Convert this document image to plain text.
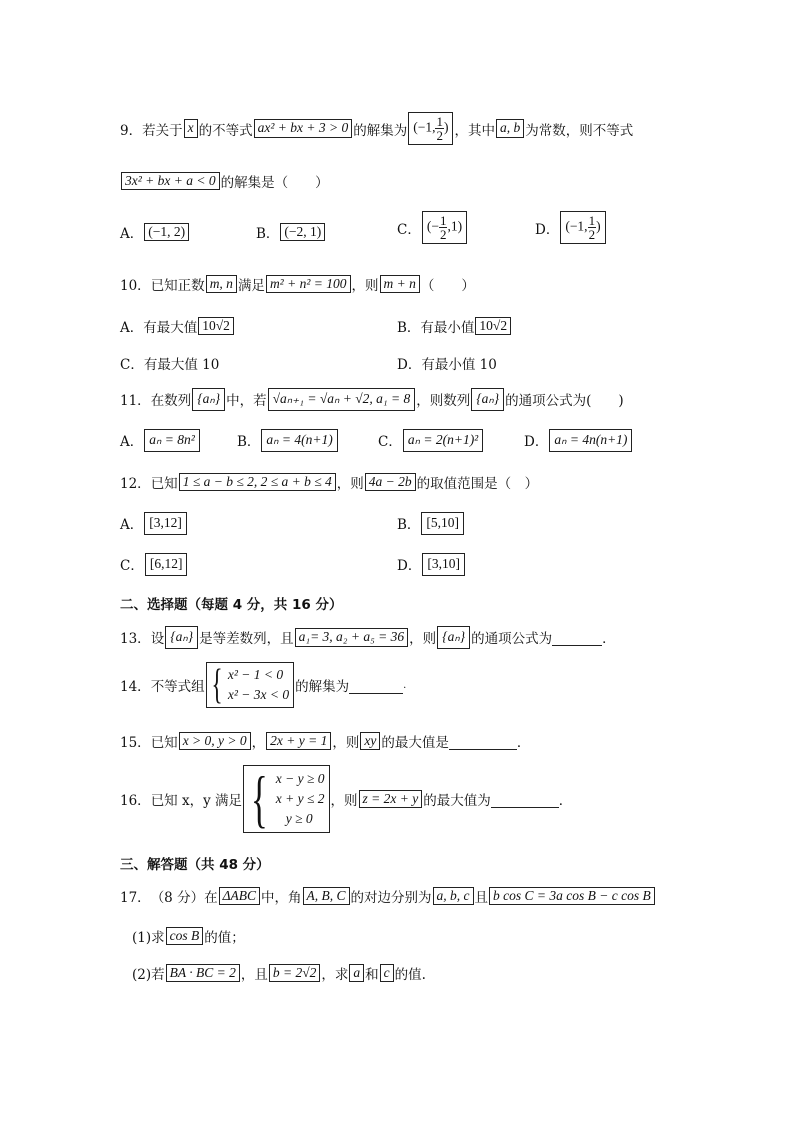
9． 若关于 x 的不等式 ax² + bx + 3 > 0 的解集为 (−1, $\frac{1}{2}$ ) ，其中 a, b 为常数，则不等式
3x² + bx + a < 0 的解集是（　　）
A． (−1, 2)	B． (−2, 1)	C． (− $\frac{1}{2} ,1$)	D． (−1, $\frac{1}{2}$ )
10． 已知正数 m, n 满足 m² + n² = 100 ，则 m + n （　　）
A．有最大值 10√2	B．有最小值 10√2
C．有最大值 10	D．有最小值 10
11． 在数列 {aₙ} 中，若 √aₙ₊₁ = √aₙ + √2, a₁ = 8 ，则数列 {aₙ} 的通项公式为(　　)
A． aₙ = 8n²	B． aₙ = 4(n+1)	C． aₙ = 2(n+1)²	D． aₙ = 4n(n+1)
12． 已知 1 ≤ a − b ≤ 2, 2 ≤ a + b ≤ 4 ，则 4a − 2b 的取值范围是（　）
A． [3,12]	B． [5,10]
C． [6,12]	D． [3,10]
二、选择题（每题 4 分，共 16 分）
13． 设 {aₙ} 是等差数列，且 a₁= 3, a₂ + a₅ = 36 ，则 {aₙ} 的通项公式为
	．
14． 不等式组 { x² − 1 < 0
x² − 3x < 0 的解集为
	.
15． 已知 x > 0, y > 0 ， 2x + y = 1 ，则 xy 的最大值是
	．
16． 已知 x，y 满足 { x − y ≥ 0
x + y ≤ 2
y ≥ 0
，则 z = 2x + y 的最大值为
	．
三、解答题（共 48 分）
17． （8 分）在 ΔABC 中，角 A, B, C 的对边分别为 a, b, c 且 b cos C = 3a cos B − c cos B
(1)求 cos B 的值；
(2)若 BA · BC = 2 ，且 b = 2√2 ，求 a 和 c 的值.
